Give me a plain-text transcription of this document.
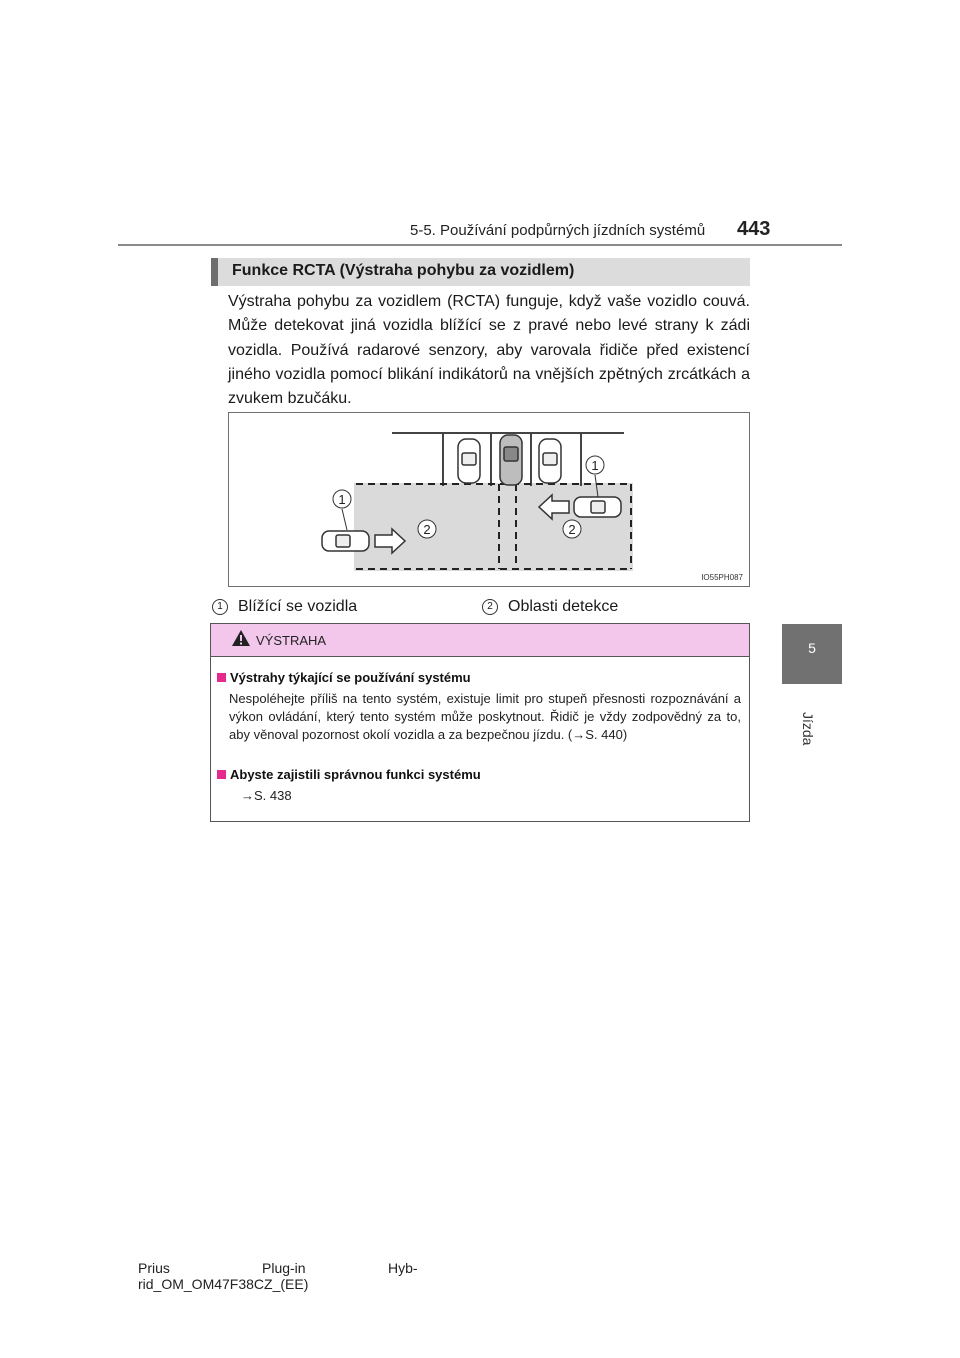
5-5. Používání podpůrných jízdních systémů 443
5
Jízda
Funkce RCTA (Výstraha pohybu za vozidlem)
Výstraha pohybu za vozidlem (RCTA) funguje, když vaše vozidlo couvá. Může detekovat jiná vozidla blížící se z pravé nebo levé strany k zádi vozidla. Používá radarové senzory, aby varovala řidiče před existencí jiného vozidla pomocí blikání indikátorů na vnějších zpětných zrcátkách a zvukem bzučáku.
1
1
2	2
IO55PH087
1 Blížící se vozidla	2 Oblasti detekce
VÝSTRAHA
Výstrahy týkající se používání systému
Nespoléhejte příliš na tento systém, existuje limit pro stupeň přesnosti rozpoznávání a výkon ovládání, který tento systém může poskytnout. Řidič je vždy zodpovědný za to, aby věnoval pozornost okolí vozidla a za bezpečnou jízdu. (→S. 440)
Abyste zajistili správnou funkci systému
→S. 438
Prius	Plug-in	Hyb-
rid_OM_OM47F38CZ_(EE)
